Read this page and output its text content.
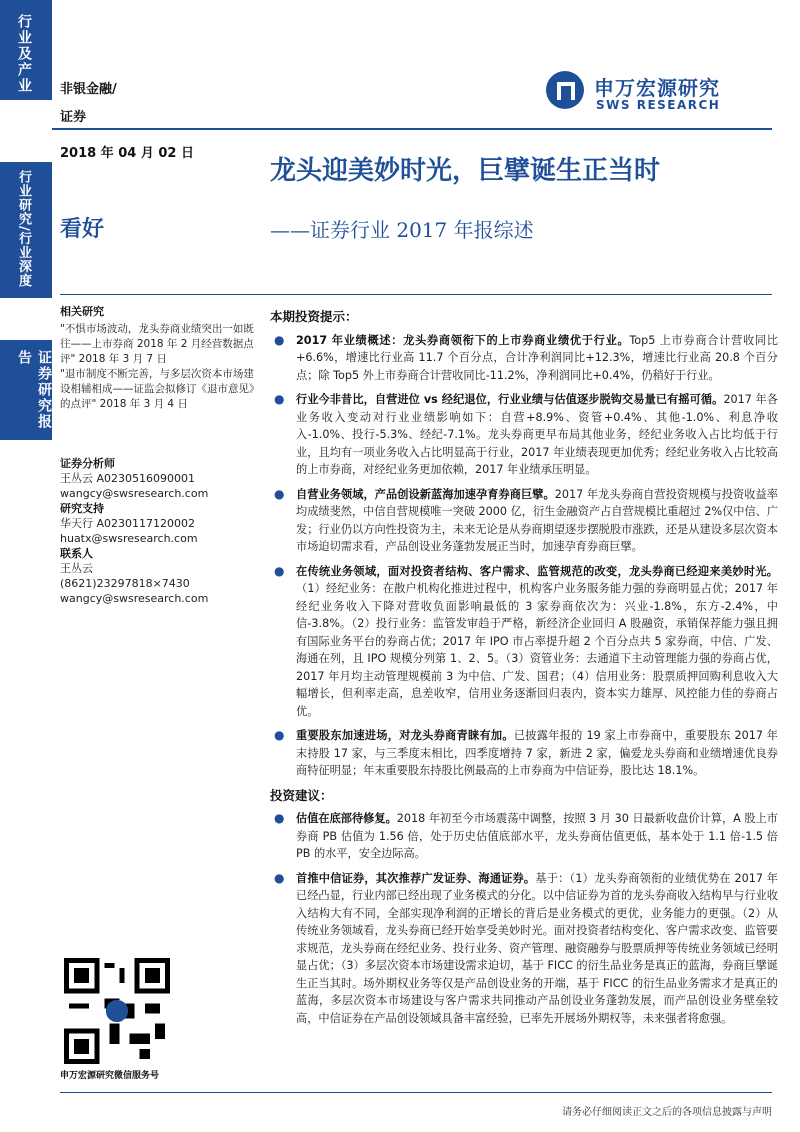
行业及产业
行业研究/行业深度
证券研究报告
非银金融/
证券
2018 年 04 月 02 日
申万宏源研究
SWS RESEARCH
龙头迎美妙时光，巨擘诞生正当时
——证券行业 2017 年报综述
看好
相关研究
"不惧市场波动，龙头券商业绩突出一如既往——上市券商 2018 年 2 月经营数据点评" 2018 年 3 月 7 日
"退市制度不断完善，与多层次资本市场建设相辅相成——证监会拟修订《退市意见》的点评" 2018 年 3 月 4 日
证券分析师
王丛云 A0230516090001
wangcy@swsresearch.com
研究支持
华天行 A0230117120002
huatx@swsresearch.com
联系人
王丛云
(8621)23297818×7430
wangcy@swsresearch.com
申万宏源研究微信服务号
本期投资提示：
● 2017 年业绩概述：龙头券商领衔下的上市券商业绩优于行业。Top5 上市券商合计营收同比+6.6%，增速比行业高 11.7 个百分点，合计净利润同比+12.3%，增速比行业高 20.8 个百分点；除 Top5 外上市券商合计营收同比-11.2%，净利润同比+0.4%，仍稍好于行业。
● 行业今非昔比，自营进位 vs 经纪退位，行业业绩与估值逐步脱钩交易量已有摇可循。2017 年各业务收入变动对行业业绩影响如下：自营+8.9%、资管+0.4%、其他-1.0%、利息净收入-1.0%、投行-5.3%、经纪-7.1%。龙头券商更早布局其他业务，经纪业务收入占比均低于行业，且均有一项业务收入占比明显高于行业，2017 年业绩表现更加优秀；经纪业务收入占比较高的上市券商，对经纪业务更加依赖，2017 年业绩承压明显。
● 自营业务领域，产品创设新蓝海加速孕育券商巨擘。2017 年龙头券商自营投资规模与投资收益率均成绩斐然，中信自营规模唯一突破 2000 亿，衍生金融资产占自营规模比重超过 2%仅中信、广发；行业仍以方向性投资为主，未来无论是从券商期望逐步摆脱股市涨跌，还是从建设多层次资本市场迫切需求看，产品创设业务蓬勃发展正当时，加速孕育券商巨擘。
● 在传统业务领域，面对投资者结构、客户需求、监管规范的改变，龙头券商已经迎来美妙时光。（1）经纪业务：在散户机构化推进过程中，机构客户业务服务能力强的券商明显占优；2017 年经纪业务收入下降对营收负面影响最低的 3 家券商依次为：兴业-1.8%，东方-2.4%，中信-3.8%。（2）投行业务：监管发审趋于严格，新经济企业回归 A 股融资，承销保荐能力强且拥有国际业务平台的券商占优；2017 年 IPO 市占率提升超 2 个百分点共 5 家券商，中信、广发、海通在列，且 IPO 规模分列第 1、2、5。（3）资管业务：去通道下主动管理能力强的券商占优，2017 年月均主动管理规模前 3 为中信、广发、国君；（4）信用业务：股票质押回购利息收入大幅增长，但利率走高，息差收窄，信用业务逐渐回归表内，资本实力雄厚、风控能力佳的券商占优。
● 重要股东加速进场，对龙头券商青睐有加。已披露年报的 19 家上市券商中，重要股东 2017 年末持股 17 家，与三季度末相比，四季度增持 7 家，新进 2 家，偏爱龙头券商和业绩增速优良券商特征明显；年末重要股东持股比例最高的上市券商为中信证券，股比达 18.1%。
投资建议：
● 估值在底部待修复。2018 年初至今市场震荡中调整，按照 3 月 30 日最新收盘价计算，A 股上市券商 PB 估值为 1.56 倍，处于历史估值底部水平，龙头券商估值更低，基本处于 1.1 倍-1.5 倍 PB 的水平，安全边际高。
● 首推中信证券，其次推荐广发证券、海通证券。基于：（1）龙头券商领衔的业绩优势在 2017 年已经凸显，行业内部已经出现了业务模式的分化。以中信证券为首的龙头券商收入结构早与行业收入结构大有不同，全部实现净利润的正增长的背后是业务模式的更优，业务能力的更强。（2）从传统业务领域看，龙头券商已经开始享受美妙时光。面对投资者结构变化、客户需求改变、监管要求规范，龙头券商在经纪业务、投行业务、资产管理、融资融券与股票质押等传统业务领域已经明显占优；（3）多层次资本市场建设需求迫切，基于 FICC 的衍生品业务是真正的蓝海，券商巨擘诞生正当其时。场外期权业务等仅是产品创设业务的开端，基于 FICC 的衍生品业务需求才是真正的蓝海，多层次资本市场建设与客户需求共同推动产品创设业务蓬勃发展，而产品创设业务壁垒较高，中信证券在产品创设领域具备丰富经验，已率先开展场外期权等，未来强者将愈强。
请务必仔细阅读正文之后的各项信息披露与声明
